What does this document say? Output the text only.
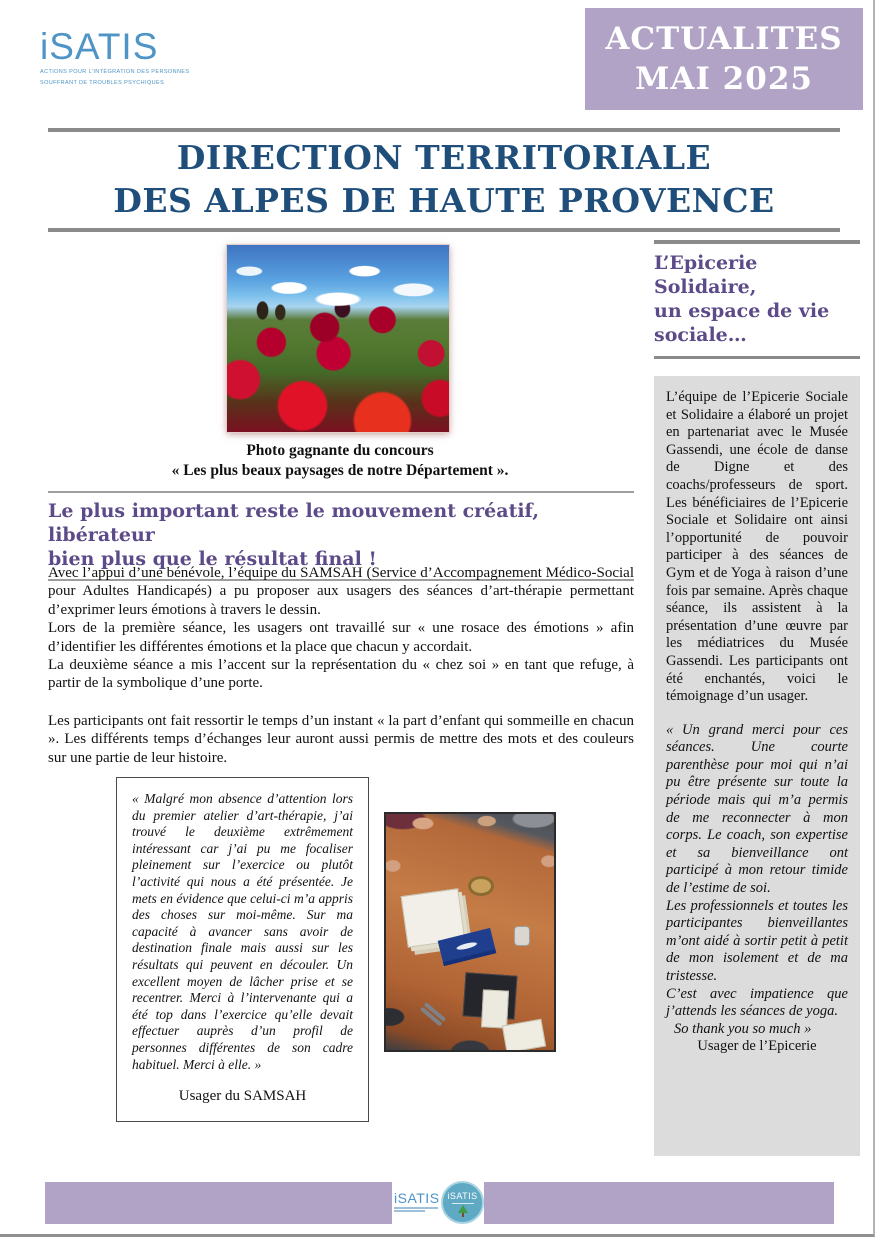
iSATIS
ACTIONS POUR L’INTÉGRATION DES PERSONNES
SOUFFRANT DE TROUBLES PSYCHIQUES
ACTUALITES
MAI 2025
DIRECTION TERRITORIALE
DES ALPES DE HAUTE PROVENCE
Photo gagnante du concours
« Les plus beaux paysages de notre Département ».
Le plus important reste le mouvement créatif, libérateur
bien plus que le résultat final !

Avec l’appui d’une bénévole, l’équipe du SAMSAH (Service d’Accompagnement Médico-Social pour Adultes Handicapés) a pu proposer aux usagers des séances d’art-thérapie permettant d’exprimer leurs émotions à travers le dessin.

Lors de la première séance, les usagers ont travaillé sur « une rosace des émotions » afin d’identifier les différentes émotions et la place que chacun y accordait.

La deuxième séance a mis l’accent sur la représentation du « chez soi » en tant que refuge, à partir de la symbolique d’une porte.

Les participants ont fait ressortir le temps d’un instant « la part d’enfant qui sommeille en chacun ». Les différents temps d’échanges leur auront aussi permis de mettre des mots et des couleurs sur une partie de leur histoire.

« Malgré mon absence d’attention lors du premier atelier d’art-thérapie, j’ai trouvé le deuxième extrêmement intéressant car j’ai pu me focaliser pleinement sur l’exercice ou plutôt l’activité qui nous a été présentée. Je mets en évidence que celui-ci m’a appris des choses sur moi-même. Sur ma capacité à avancer sans avoir de destination finale mais aussi sur les résultats qui peuvent en découler. Un excellent moyen de lâcher prise et se recentrer. Merci à l’intervenante qui a été top dans l’exercice qu’elle devait effectuer auprès d’un profil de personnes différentes de son cadre habituel. Merci à elle. »
Usager du SAMSAH
L’Epicerie Solidaire,
un espace de vie sociale…

L’équipe de l’Epicerie Sociale et Solidaire a élaboré un projet en partenariat avec le Musée Gassendi, une école de danse de Digne et des coachs/professeurs de sport. Les bénéficiaires de l’Epicerie Sociale et Solidaire ont ainsi l’opportunité de pouvoir participer à des séances de Gym et de Yoga à raison d’une fois par semaine. Après chaque séance, ils assistent à la présentation d’une œuvre par les médiatrices du Musée Gassendi. Les participants ont été enchantés, voici le témoignage d’un usager.

« Un grand merci pour ces séances. Une courte parenthèse pour moi qui n’ai pu être présente sur toute la période mais qui m’a permis de me reconnecter à mon corps. Le coach, son expertise et sa bienveillance ont participé à mon retour timide de l’estime de soi.

Les professionnels et toutes les participantes bienveillantes m’ont aidé à sortir petit à petit de mon isolement et de ma tristesse.

C’est avec impatience que j’attends les séances de yoga.

So thank you so much »

Usager de l’Epicerie

iSATIS iSATIS
